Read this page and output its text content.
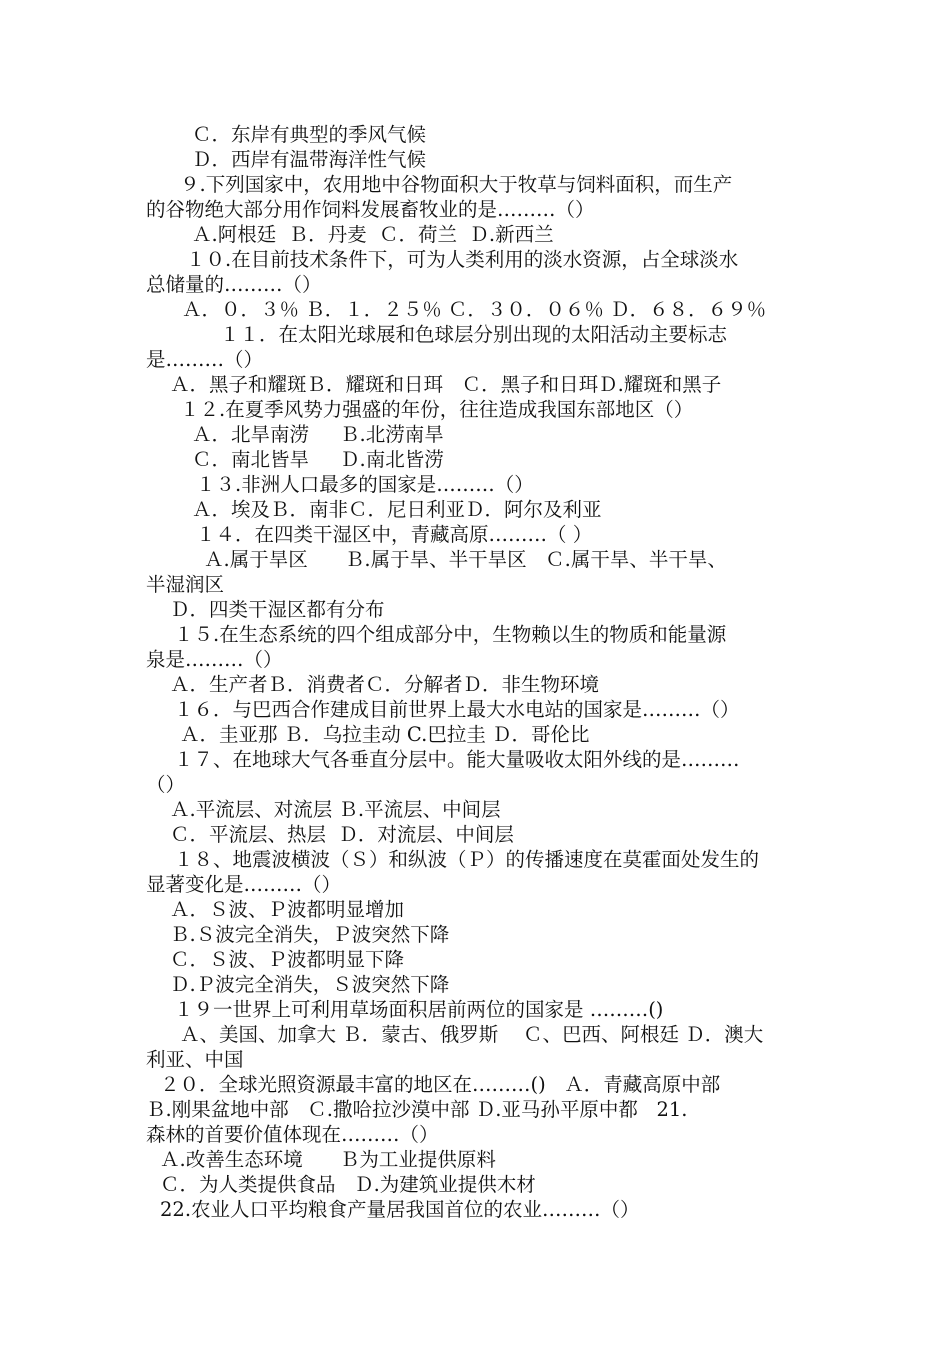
Ｃ．东岸有典型的季风气候
Ｄ．西岸有温带海洋性气候
９.下列国家中，农用地中谷物面积大于牧草与饲料面积，而生产
的谷物绝大部分用作饲料发展畜牧业的是………（）
Ａ.阿根廷  Ｂ．丹麦  Ｃ．荷兰  Ｄ.新西兰
１０.在目前技术条件下，可为人类利用的淡水资源，占全球淡水
总储量的………（）
Ａ．０．３％ Ｂ．１．２５％ Ｃ．３０．０６％ Ｄ．６８．６９％
１１．在太阳光球展和色球层分别出现的太阳活动主要标志
是………（）
Ａ．黑子和耀斑Ｂ．耀斑和日珥   Ｃ．黑子和日珥Ｄ.耀斑和黑子
１２.在夏季风势力强盛的年份，往往造成我国东部地区（）
Ａ．北旱南涝     Ｂ.北涝南旱
Ｃ．南北皆旱     Ｄ.南北皆涝
１３.非洲人口最多的国家是………（）
Ａ．埃及Ｂ．南非Ｃ．尼日利亚Ｄ．阿尔及利亚
１４．在四类干湿区中，青藏高原………（ ）
Ａ.属于旱区      Ｂ.属于旱、半干旱区   Ｃ.属干旱、半干旱、
半湿润区
Ｄ．四类干湿区都有分布
１５.在生态系统的四个组成部分中，生物赖以生的物质和能量源
泉是………（）
Ａ．生产者Ｂ．消费者Ｃ．分解者Ｄ．非生物环境
１６．与巴西合作建成目前世界上最大水电站的国家是………（）
Ａ．圭亚那 Ｂ．乌拉圭动 C.巴拉圭 Ｄ．哥伦比
１７、在地球大气各垂直分层中。能大量吸收太阳外线的是………
（）
Ａ.平流层、对流层 Ｂ.平流层、中间层
Ｃ．平流层、热层  Ｄ．对流层、中间层
１８、地震波横波（Ｓ）和纵波（Ｐ）的传播速度在莫霍面处发生的
显著变化是………（）
Ａ．Ｓ波、Ｐ波都明显增加
Ｂ.Ｓ波完全消失，Ｐ波突然下降
Ｃ．Ｓ波、Ｐ波都明显下降
Ｄ.Ｐ波完全消失，Ｓ波突然下降
１９一世界上可利用草场面积居前两位的国家是 ………()
Ａ、美国、加拿大 Ｂ．蒙古、俄罗斯    Ｃ、巴西、阿根廷 Ｄ．澳大
利亚、中国
２０．全球光照资源最丰富的地区在………()   Ａ．青藏高原中部
Ｂ.刚果盆地中部   Ｃ.撒哈拉沙漠中部 Ｄ.亚马孙平原中都   21.
森林的首要价值体现在………（）
Ａ.改善生态环境      Ｂ为工业提供原料
Ｃ．为人类提供食品   Ｄ.为建筑业提供木材
22.农业人口平均粮食产量居我国首位的农业………（）
